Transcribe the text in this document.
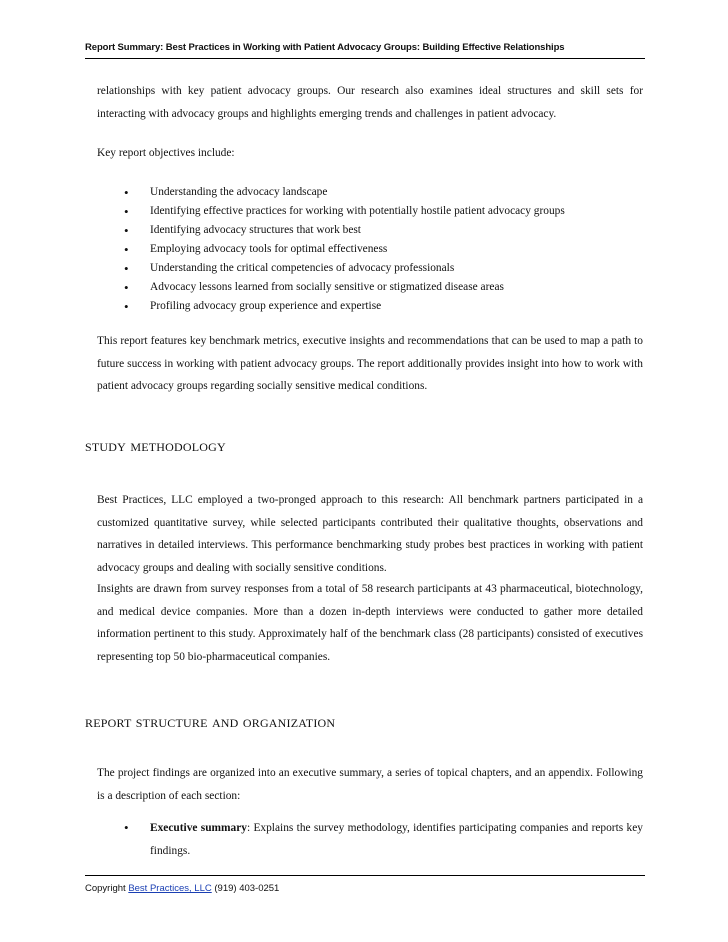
Report Summary: Best Practices in Working with Patient Advocacy Groups: Building Effective Relationships

relationships with key patient advocacy groups. Our research also examines ideal structures and skill sets for interacting with advocacy groups and highlights emerging trends and challenges in patient advocacy.

Key report objectives include:

• Understanding the advocacy landscape
• Identifying effective practices for working with potentially hostile patient advocacy groups
• Identifying advocacy structures that work best
• Employing advocacy tools for optimal effectiveness
• Understanding the critical competencies of advocacy professionals
• Advocacy lessons learned from socially sensitive or stigmatized disease areas
• Profiling advocacy group experience and expertise

This report features key benchmark metrics, executive insights and recommendations that can be used to map a path to future success in working with patient advocacy groups. The report additionally provides insight into how to work with patient advocacy groups regarding socially sensitive medical conditions.

study methodology

Best Practices, LLC employed a two-pronged approach to this research: All benchmark partners participated in a customized quantitative survey, while selected participants contributed their qualitative thoughts, observations and narratives in detailed interviews. This performance benchmarking study probes best practices in working with patient advocacy groups and dealing with socially sensitive conditions.

Insights are drawn from survey responses from a total of 58 research participants at 43 pharmaceutical, biotechnology, and medical device companies. More than a dozen in-depth interviews were conducted to gather more detailed information pertinent to this study. Approximately half of the benchmark class (28 participants) consisted of executives representing top 50 bio-pharmaceutical companies.

report structure and organization

The project findings are organized into an executive summary, a series of topical chapters, and an appendix. Following is a description of each section:

• Executive summary: Explains the survey methodology, identifies participating companies and reports key findings.
Copyright Best Practices, LLC (919) 403-0251
